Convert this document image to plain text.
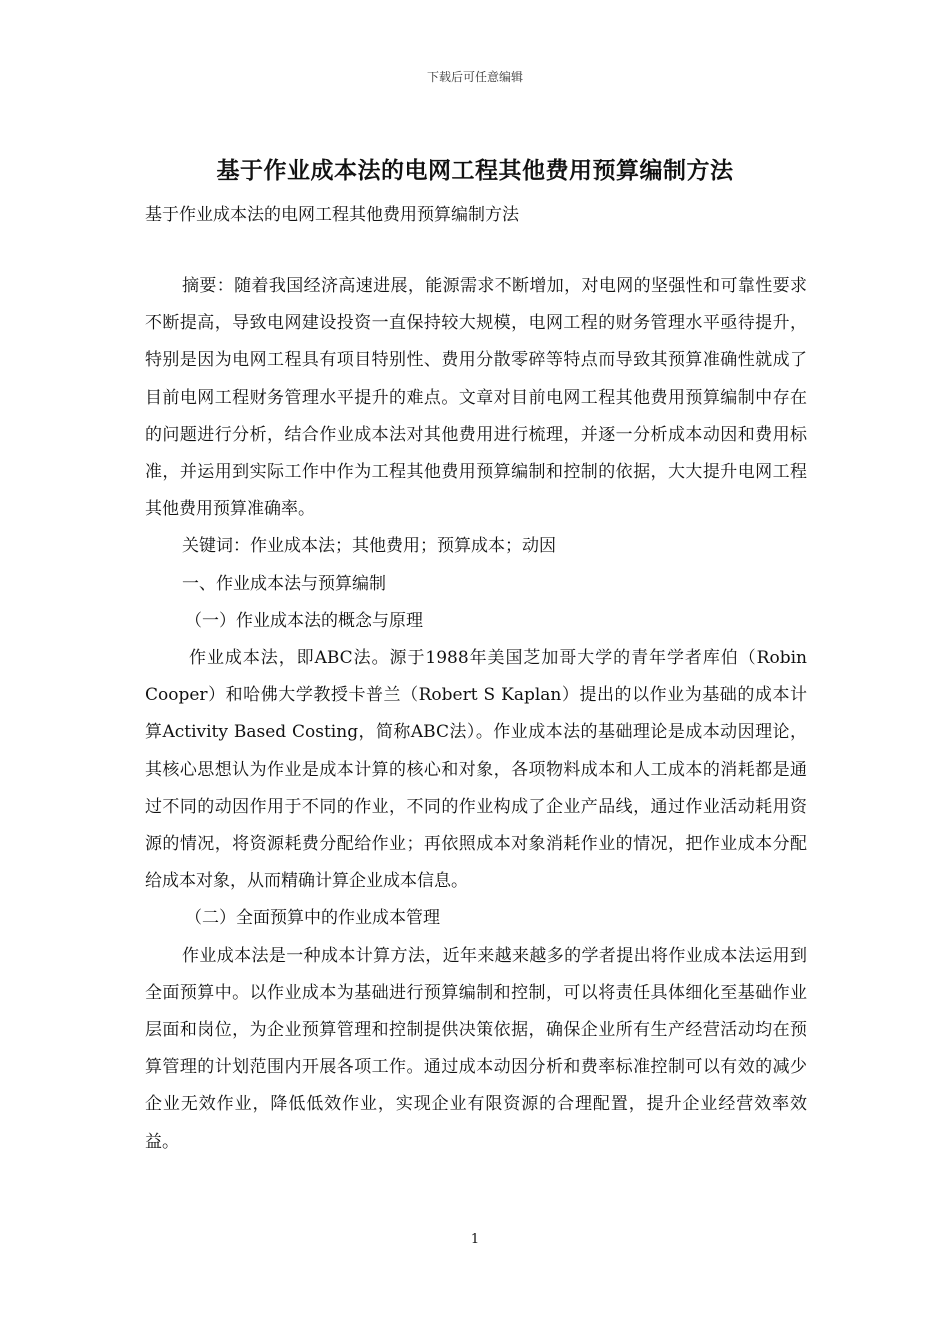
下载后可任意编辑
基于作业成本法的电网工程其他费用预算编制方法
基于作业成本法的电网工程其他费用预算编制方法

摘要：随着我国经济高速进展，能源需求不断增加，对电网的坚强性和可靠性要求不断提高，导致电网建设投资一直保持较大规模，电网工程的财务管理水平亟待提升，特别是因为电网工程具有项目特别性、费用分散零碎等特点而导致其预算准确性就成了目前电网工程财务管理水平提升的难点。文章对目前电网工程其他费用预算编制中存在的问题进行分析，结合作业成本法对其他费用进行梳理，并逐一分析成本动因和费用标准，并运用到实际工作中作为工程其他费用预算编制和控制的依据，大大提升电网工程其他费用预算准确率。

关键词：作业成本法；其他费用；预算成本；动因

一、作业成本法与预算编制

（一）作业成本法的概念与原理

作业成本法，即ABC法。源于1988年美国芝加哥大学的青年学者库伯（Robin Cooper）和哈佛大学教授卡普兰（Robert S Kaplan）提出的以作业为基础的成本计算Activity Based Costing，简称ABC法）。作业成本法的基础理论是成本动因理论，其核心思想认为作业是成本计算的核心和对象，各项物料成本和人工成本的消耗都是通过不同的动因作用于不同的作业，不同的作业构成了企业产品线，通过作业活动耗用资源的情况，将资源耗费分配给作业；再依照成本对象消耗作业的情况，把作业成本分配给成本对象，从而精确计算企业成本信息。

（二）全面预算中的作业成本管理

作业成本法是一种成本计算方法，近年来越来越多的学者提出将作业成本法运用到全面预算中。以作业成本为基础进行预算编制和控制，可以将责任具体细化至基础作业层面和岗位，为企业预算管理和控制提供决策依据，确保企业所有生产经营活动均在预算管理的计划范围内开展各项工作。通过成本动因分析和费率标准控制可以有效的减少企业无效作业，降低低效作业，实现企业有限资源的合理配置，提升企业经营效率效益。

1
